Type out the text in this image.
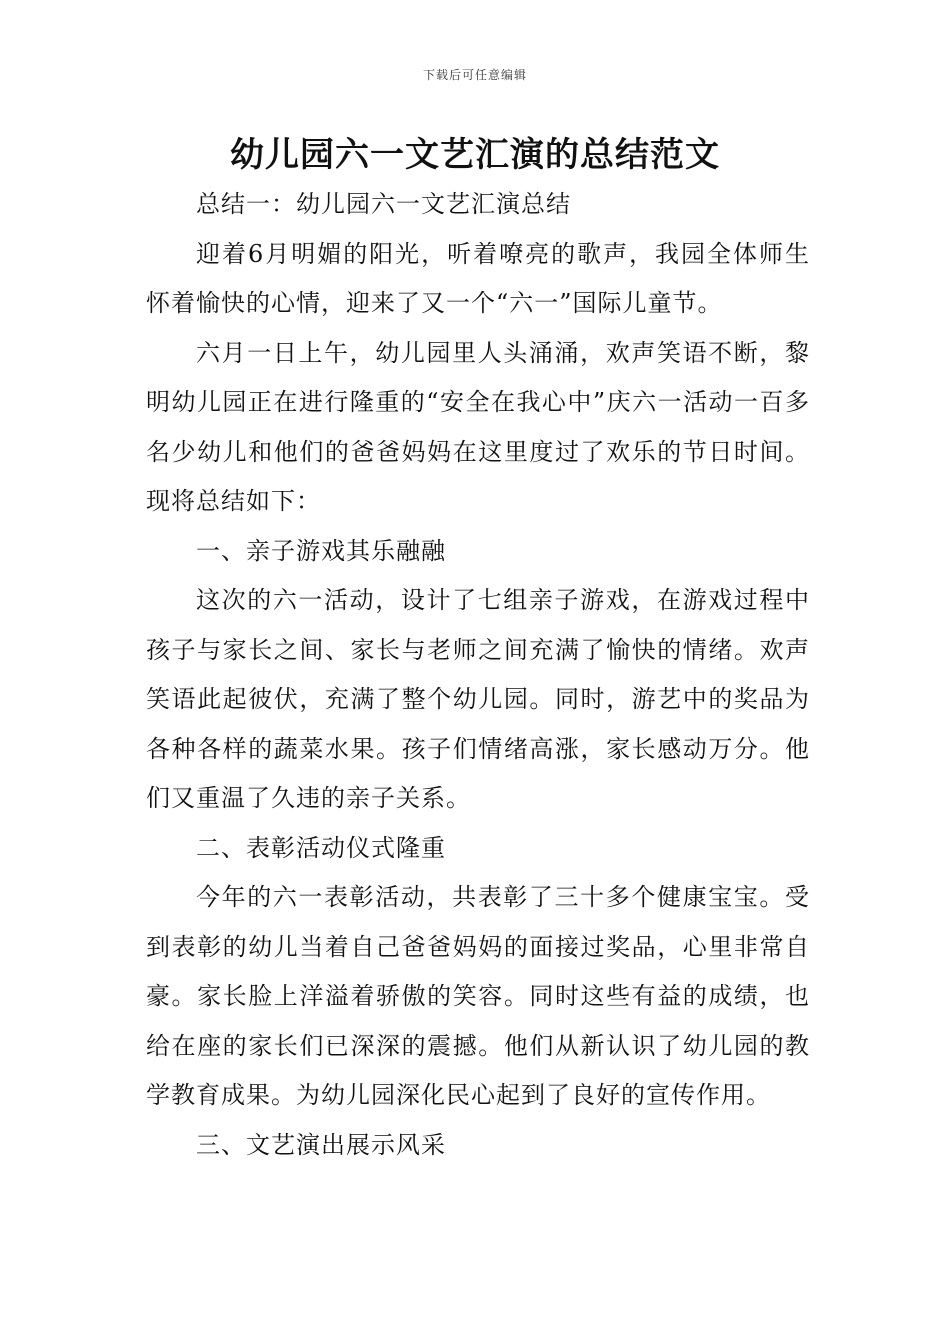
下载后可任意编辑
幼儿园六一文艺汇演的总结范文

总结一：幼儿园六一文艺汇演总结

迎着6月明媚的阳光，听着嘹亮的歌声，我园全体师生怀着愉快的心情，迎来了又一个“六一”国际儿童节。

六月一日上午，幼儿园里人头涌涌，欢声笑语不断，黎明幼儿园正在进行隆重的“安全在我心中”庆六一活动一百多名少幼儿和他们的爸爸妈妈在这里度过了欢乐的节日时间。现将总结如下：

一、亲子游戏其乐融融

这次的六一活动，设计了七组亲子游戏，在游戏过程中孩子与家长之间、家长与老师之间充满了愉快的情绪。欢声笑语此起彼伏，充满了整个幼儿园。同时，游艺中的奖品为各种各样的蔬菜水果。孩子们情绪高涨，家长感动万分。他们又重温了久违的亲子关系。

二、表彰活动仪式隆重

今年的六一表彰活动，共表彰了三十多个健康宝宝。受到表彰的幼儿当着自己爸爸妈妈的面接过奖品，心里非常自豪。家长脸上洋溢着骄傲的笑容。同时这些有益的成绩，也给在座的家长们已深深的震撼。他们从新认识了幼儿园的教学教育成果。为幼儿园深化民心起到了良好的宣传作用。

三、文艺演出展示风采
